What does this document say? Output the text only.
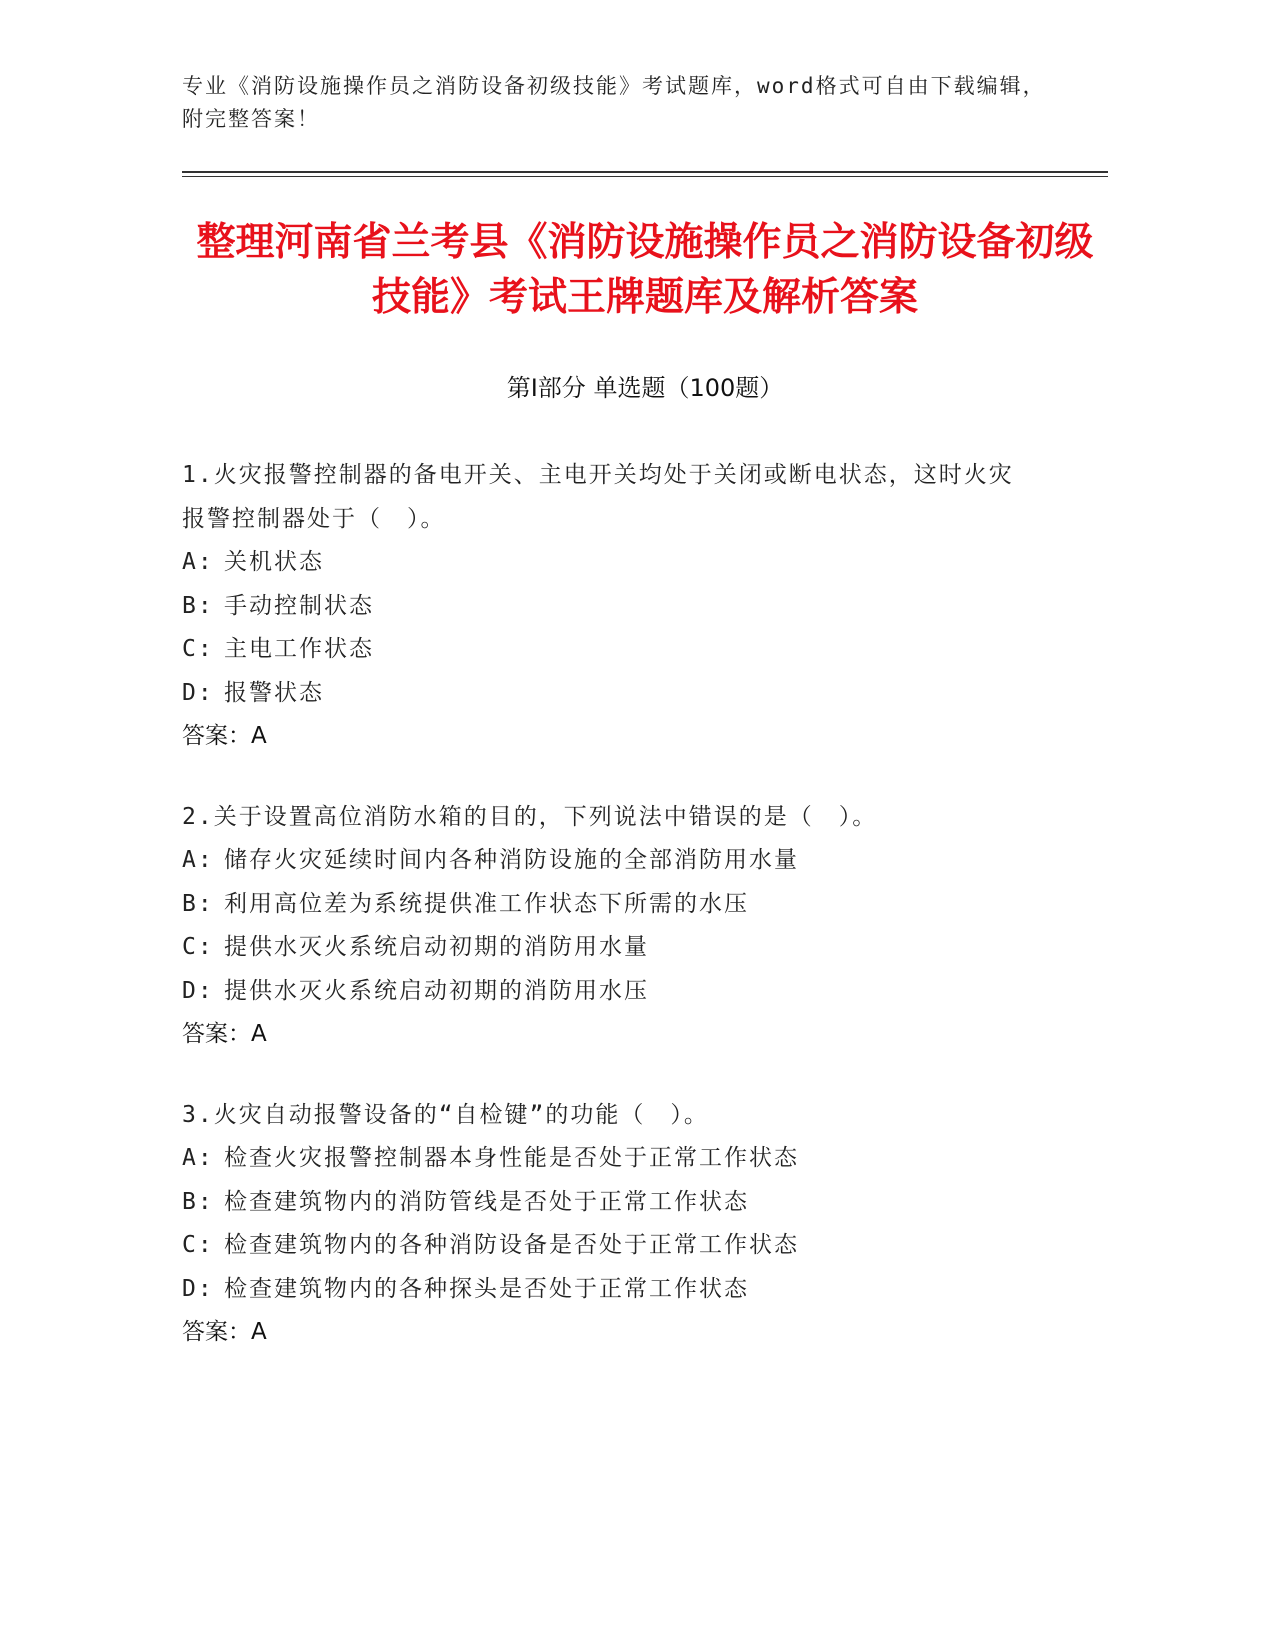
专业《消防设施操作员之消防设备初级技能》考试题库，word格式可自由下载编辑，附完整答案！
整理河南省兰考县《消防设施操作员之消防设备初级技能》考试王牌题库及解析答案
第Ⅰ部分 单选题（100题）

1.火灾报警控制器的备电开关、主电开关均处于关闭或断电状态，这时火灾报警控制器处于（　）。

A: 关机状态

B: 手动控制状态

C: 主电工作状态

D: 报警状态

答案：A

2.关于设置高位消防水箱的目的，下列说法中错误的是（　）。

A: 储存火灾延续时间内各种消防设施的全部消防用水量

B: 利用高位差为系统提供准工作状态下所需的水压

C: 提供水灭火系统启动初期的消防用水量

D: 提供水灭火系统启动初期的消防用水压

答案：A

3.火灾自动报警设备的“自检键”的功能（　）。

A: 检查火灾报警控制器本身性能是否处于正常工作状态

B: 检查建筑物内的消防管线是否处于正常工作状态

C: 检查建筑物内的各种消防设备是否处于正常工作状态

D: 检查建筑物内的各种探头是否处于正常工作状态

答案：A
